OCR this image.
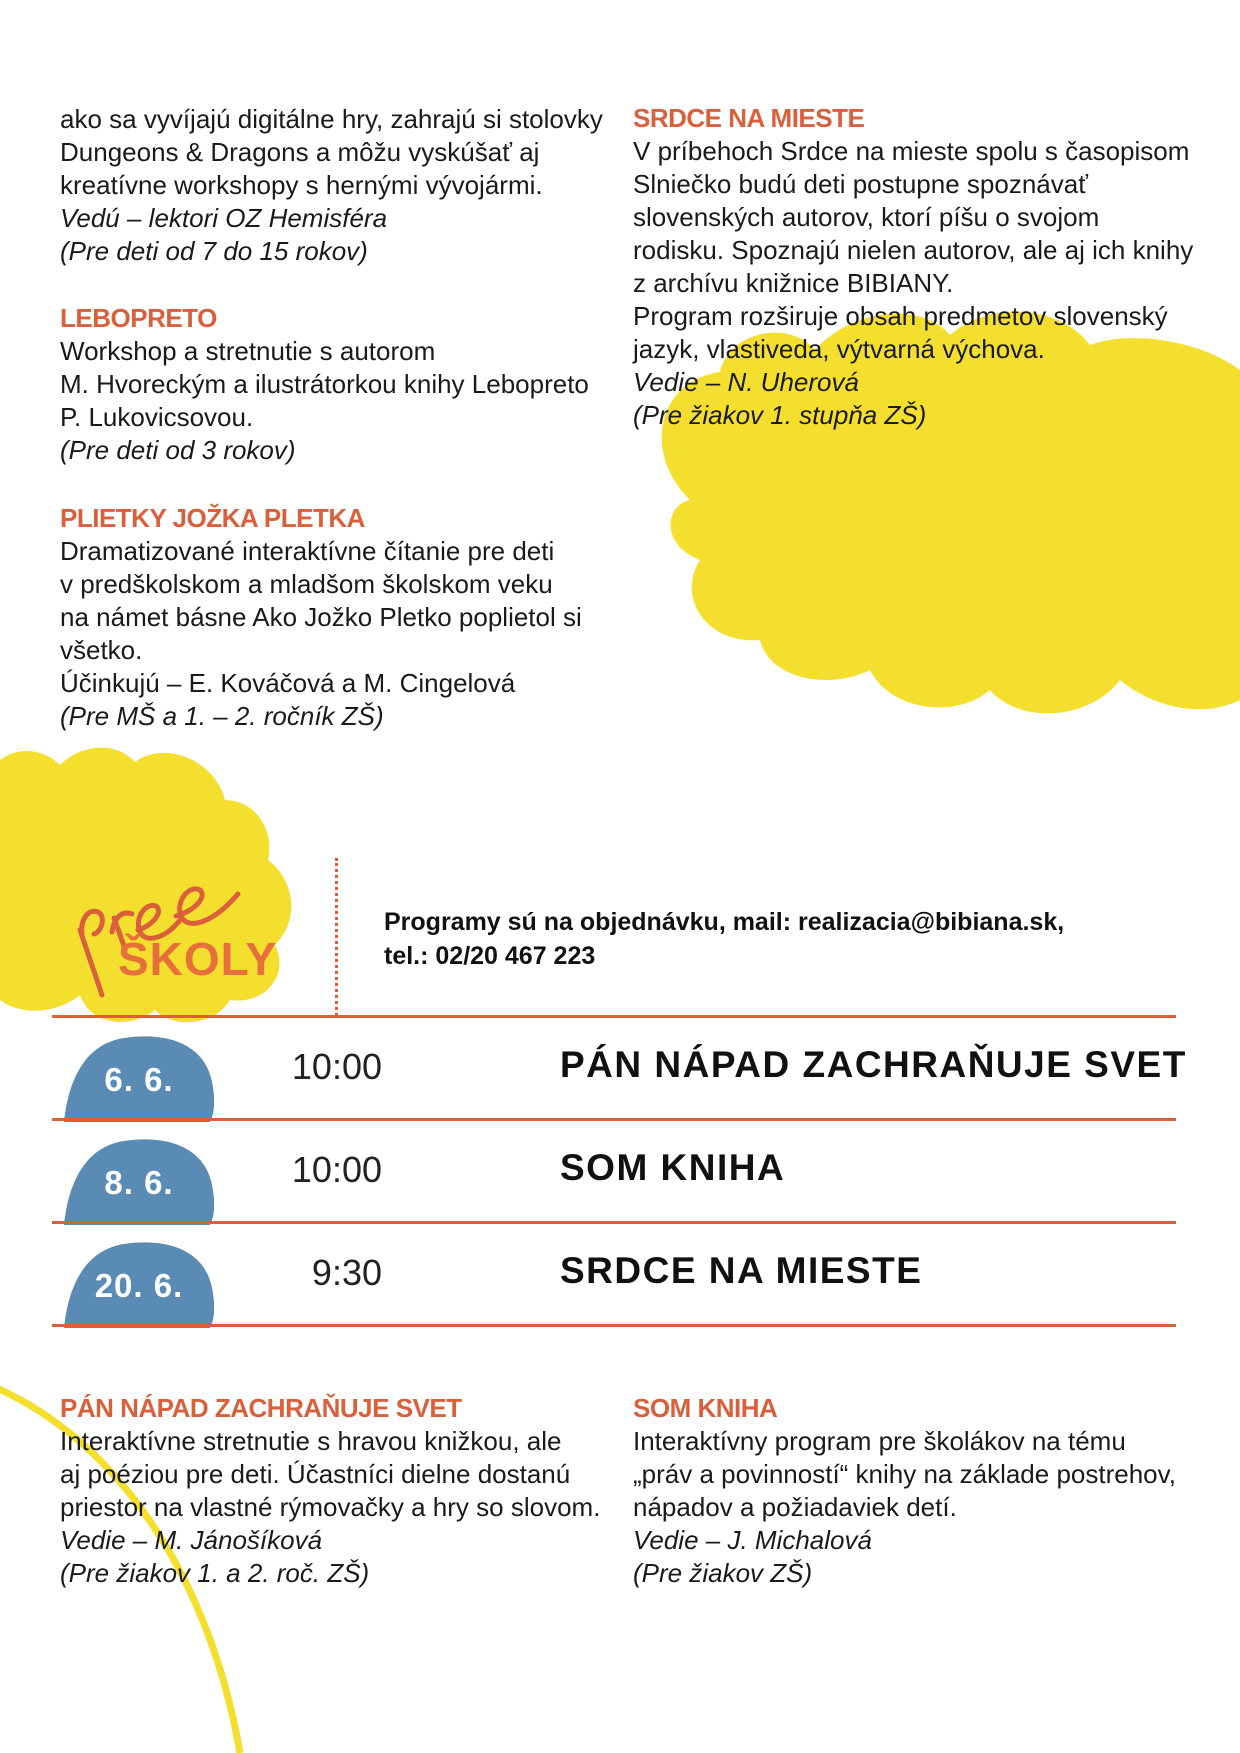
ako sa vyvíjajú digitálne hry, zahrajú si stolovky
Dungeons & Dragons a môžu vyskúšať aj
kreatívne workshopy s hernými vývojármi.
Vedú – lektori OZ Hemisféra
(Pre deti od 7 do 15 rokov)
LEBOPRETO
Workshop a stretnutie s autorom
M. Hvoreckým a ilustrátorkou knihy Lebopreto
P. Lukovicsovou.
(Pre deti od 3 rokov)
PLIETKY JOŽKA PLETKA
Dramatizované interaktívne čítanie pre deti
v predškolskom a mladšom školskom veku
na námet básne Ako Jožko Pletko poplietol si
všetko.
Účinkujú – E. Kováčová a M. Cingelová
(Pre MŠ a 1. – 2. ročník ZŠ)
SRDCE NA MIESTE
V príbehoch Srdce na mieste spolu s časopisom
Slniečko budú deti postupne spoznávať
slovenských autorov, ktorí píšu o svojom
rodisku. Spoznajú nielen autorov, ale aj ich knihy
z archívu knižnice BIBIANY.
Program rozširuje obsah predmetov slovenský
jazyk, vlastiveda, výtvarná výchova.
Vedie – N. Uherová
(Pre žiakov 1. stupňa ZŠ)
ŠKOLY
Programy sú na objednávku, mail: realizacia@bibiana.sk,
tel.: 02/20 467 223
6. 6.	10:00	PÁN NÁPAD ZACHRAŇUJE SVET
8. 6.	10:00	SOM KNIHA
20. 6.	9:30	SRDCE NA MIESTE
PÁN NÁPAD ZACHRAŇUJE SVET
Interaktívne stretnutie s hravou knižkou, ale
aj poéziou pre deti. Účastníci dielne dostanú
priestor na vlastné rýmovačky a hry so slovom.
Vedie – M. Jánošíková
(Pre žiakov 1. a 2. roč. ZŠ)
SOM KNIHA
Interaktívny program pre školákov na tému
„práv a povinností“ knihy na základe postrehov,
nápadov a požiadaviek detí.
Vedie – J. Michalová
(Pre žiakov ZŠ)
